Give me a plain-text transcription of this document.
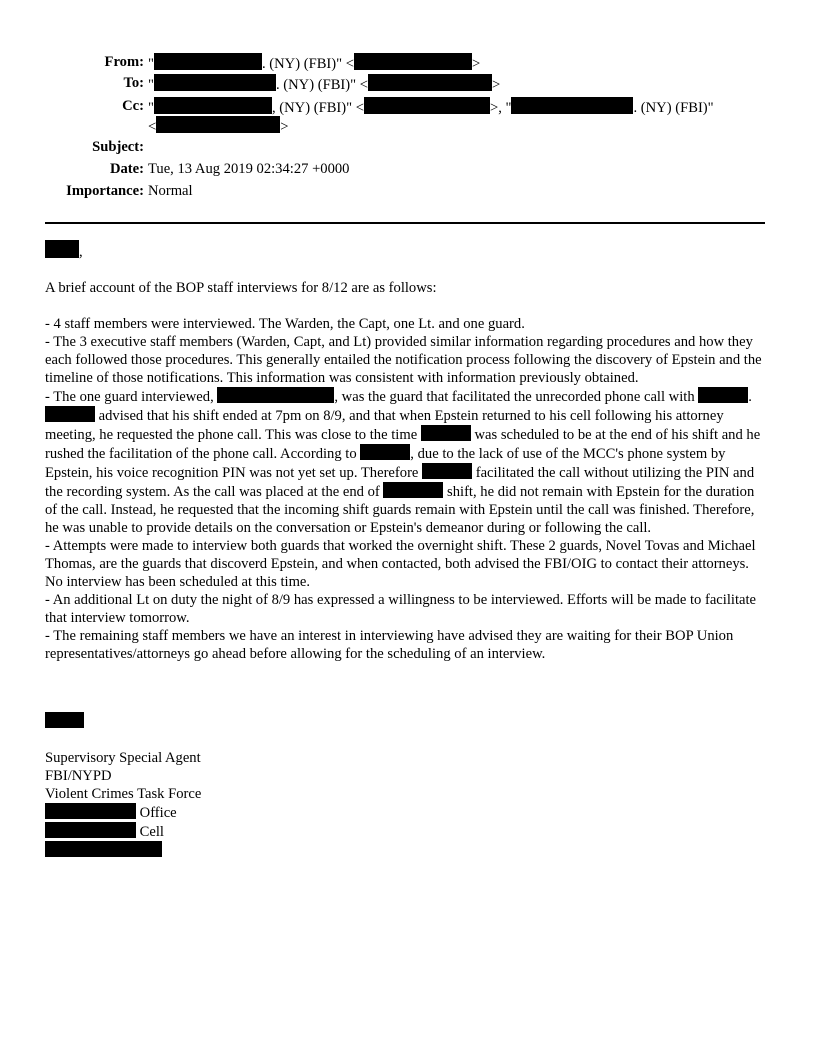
From: "	. (NY) (FBI)" <	>
To: "	. (NY) (FBI)" <	>
Cc: "	, (NY) (FBI)" <	>, "	. (NY) (FBI)"
<	>
Subject:
Date: Tue, 13 Aug 2019 02:34:27 +0000
Importance: Normal

,

A brief account of the BOP staff interviews for 8/12 are as follows:

- 4 staff members were interviewed. The Warden, the Capt, one Lt. and one guard.

- The 3 executive staff members (Warden, Capt, and Lt) provided similar information regarding procedures and how they each followed those procedures. This generally entailed the notification process following the discovery of Epstein and the timeline of those notifications. This information was consistent with information previously obtained.

- The one guard interviewed,	, was the guard that facilitated the unrecorded phone call with	.  advised that his shift ended at 7pm on 8/9, and that when Epstein returned to his cell following his attorney meeting, he requested the phone call. This was close to the time	was scheduled to be at the end of his shift and he rushed the facilitation of the phone call. According to	, due to the lack of use of the MCC's phone system by Epstein, his voice recognition PIN was not yet set up. Therefore	facilitated the call without utilizing the PIN and the recording system. As the call was placed at the end of	shift, he did not remain with Epstein for the duration of the call. Instead, he requested that the incoming shift guards remain with Epstein until the call was finished. Therefore, he was unable to provide details on the conversation or Epstein's demeanor during or following the call.

- Attempts were made to interview both guards that worked the overnight shift. These 2 guards, Novel Tovas and Michael Thomas, are the guards that discoverd Epstein, and when contacted, both advised the FBI/OIG to contact their attorneys. No interview has been scheduled at this time.

- An additional Lt on duty the night of 8/9 has expressed a willingness to be interviewed. Efforts will be made to facilitate that interview tomorrow.

- The remaining staff members we have an interest in interviewing have advised they are waiting for their BOP Union representatives/attorneys go ahead before allowing for the scheduling of an interview.

Supervisory Special Agent
FBI/NYPD
Violent Crimes Task Force
Office
Cell
